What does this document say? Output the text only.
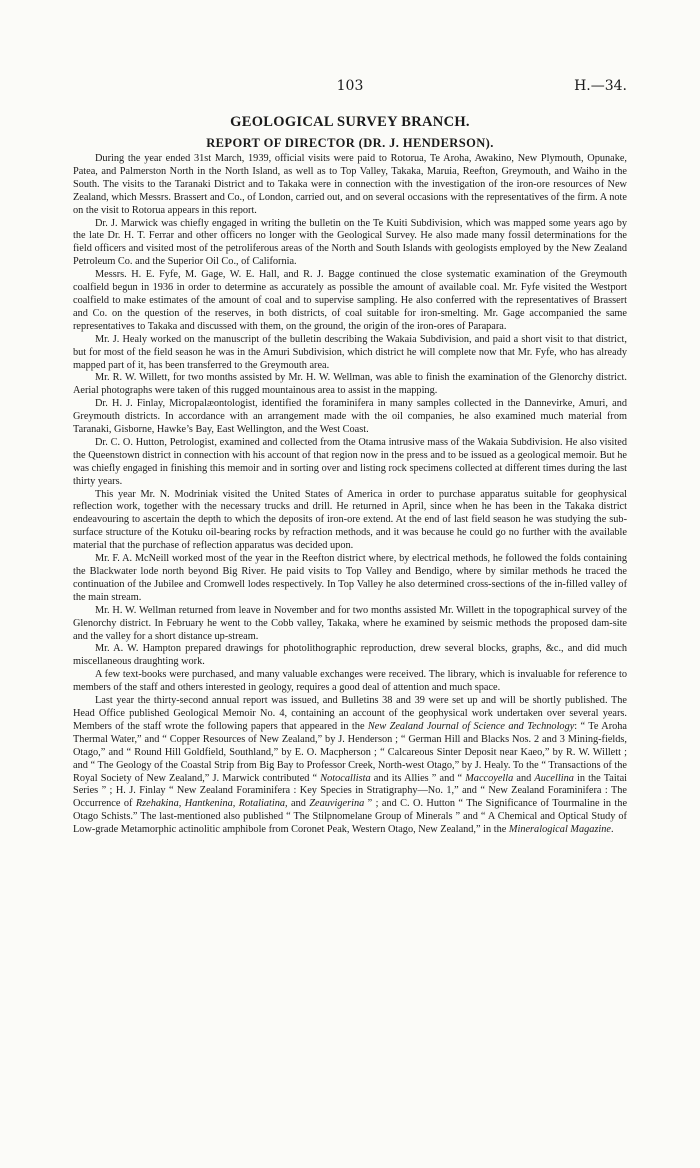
103	H.—34.
GEOLOGICAL SURVEY BRANCH.
REPORT OF DIRECTOR (DR. J. HENDERSON).

During the year ended 31st March, 1939, official visits were paid to Rotorua, Te Aroha, Awakino, New Plymouth, Opunake, Patea, and Palmerston North in the North Island, as well as to Top Valley, Takaka, Maruia, Reefton, Greymouth, and Waiho in the South. The visits to the Taranaki District and to Takaka were in connection with the investigation of the iron-ore resources of New Zealand, which Messrs. Brassert and Co., of London, carried out, and on several occasions with the representatives of the firm. A note on the visit to Rotorua appears in this report.

Dr. J. Marwick was chiefly engaged in writing the bulletin on the Te Kuiti Subdivision, which was mapped some years ago by the late Dr. H. T. Ferrar and other officers no longer with the Geological Survey. He also made many fossil determinations for the field officers and visited most of the petroliferous areas of the North and South Islands with geologists employed by the New Zealand Petroleum Co. and the Superior Oil Co., of California.

Messrs. H. E. Fyfe, M. Gage, W. E. Hall, and R. J. Bagge continued the close systematic examination of the Greymouth coalfield begun in 1936 in order to determine as accurately as possible the amount of available coal. Mr. Fyfe visited the Westport coalfield to make estimates of the amount of coal and to supervise sampling. He also conferred with the representatives of Brassert and Co. on the question of the reserves, in both districts, of coal suitable for iron-smelting. Mr. Gage accompanied the same representatives to Takaka and discussed with them, on the ground, the origin of the iron-ores of Parapara.

Mr. J. Healy worked on the manuscript of the bulletin describing the Wakaia Subdivision, and paid a short visit to that district, but for most of the field season he was in the Amuri Subdivision, which district he will complete now that Mr. Fyfe, who has already mapped part of it, has been transferred to the Greymouth area.

Mr. R. W. Willett, for two months assisted by Mr. H. W. Wellman, was able to finish the examination of the Glenorchy district. Aerial photographs were taken of this rugged mountainous area to assist in the mapping.

Dr. H. J. Finlay, Micropalæontologist, identified the foraminifera in many samples collected in the Dannevirke, Amuri, and Greymouth districts. In accordance with an arrangement made with the oil companies, he also examined much material from Taranaki, Gisborne, Hawke’s Bay, East Wellington, and the West Coast.

Dr. C. O. Hutton, Petrologist, examined and collected from the Otama intrusive mass of the Wakaia Subdivision. He also visited the Queenstown district in connection with his account of that region now in the press and to be issued as a geological memoir. But he was chiefly engaged in finishing this memoir and in sorting over and listing rock specimens collected at different times during the last thirty years.

This year Mr. N. Modriniak visited the United States of America in order to purchase apparatus suitable for geophysical reflection work, together with the necessary trucks and drill. He returned in April, since when he has been in the Takaka district endeavouring to ascertain the depth to which the deposits of iron-ore extend. At the end of last field season he was studying the sub-surface structure of the Kotuku oil-bearing rocks by refraction methods, and it was because he could go no further with the available material that the purchase of reflection apparatus was decided upon.

Mr. F. A. McNeill worked most of the year in the Reefton district where, by electrical methods, he followed the folds containing the Blackwater lode north beyond Big River. He paid visits to Top Valley and Bendigo, where by similar methods he traced the continuation of the Jubilee and Cromwell lodes respectively. In Top Valley he also determined cross-sections of the in-filled valley of the main stream.

Mr. H. W. Wellman returned from leave in November and for two months assisted Mr. Willett in the topographical survey of the Glenorchy district. In February he went to the Cobb valley, Takaka, where he examined by seismic methods the proposed dam-site and the valley for a short distance up-stream.

Mr. A. W. Hampton prepared drawings for photolithographic reproduction, drew several blocks, graphs, &c., and did much miscellaneous draughting work.

A few text-books were purchased, and many valuable exchanges were received. The library, which is invaluable for reference to members of the staff and others interested in geology, requires a good deal of attention and much space.

Last year the thirty-second annual report was issued, and Bulletins 38 and 39 were set up and will be shortly published. The Head Office published Geological Memoir No. 4, containing an account of the geophysical work undertaken over several years. Members of the staff wrote the following papers that appeared in the New Zealand Journal of Science and Technology: “ Te Aroha Thermal Water,” and “ Copper Resources of New Zealand,” by J. Henderson ; “ German Hill and Blacks Nos. 2 and 3 Mining-fields, Otago,” and “ Round Hill Goldfield, Southland,” by E. O. Macpherson ; “ Calcareous Sinter Deposit near Kaeo,” by R. W. Willett ; and “ The Geology of the Coastal Strip from Big Bay to Professor Creek, North-west Otago,” by J. Healy. To the “ Transactions of the Royal Society of New Zealand,” J. Marwick contributed “ Notocallista and its Allies ” and “ Maccoyella and Aucellina in the Taitai Series ” ; H. J. Finlay “ New Zealand Foraminifera : Key Species in Stratigraphy—No. 1,” and “ New Zealand Foraminifera : The Occurrence of Rzehakina, Hantkenina, Rotaliatina, and Zeauvigerina ” ; and C. O. Hutton “ The Significance of Tourmaline in the Otago Schists.” The last-mentioned also published “ The Stilpnomelane Group of Minerals ” and “ A Chemical and Optical Study of Low-grade Metamorphic actinolitic amphibole from Coronet Peak, Western Otago, New Zealand,” in the Mineralogical Magazine.
